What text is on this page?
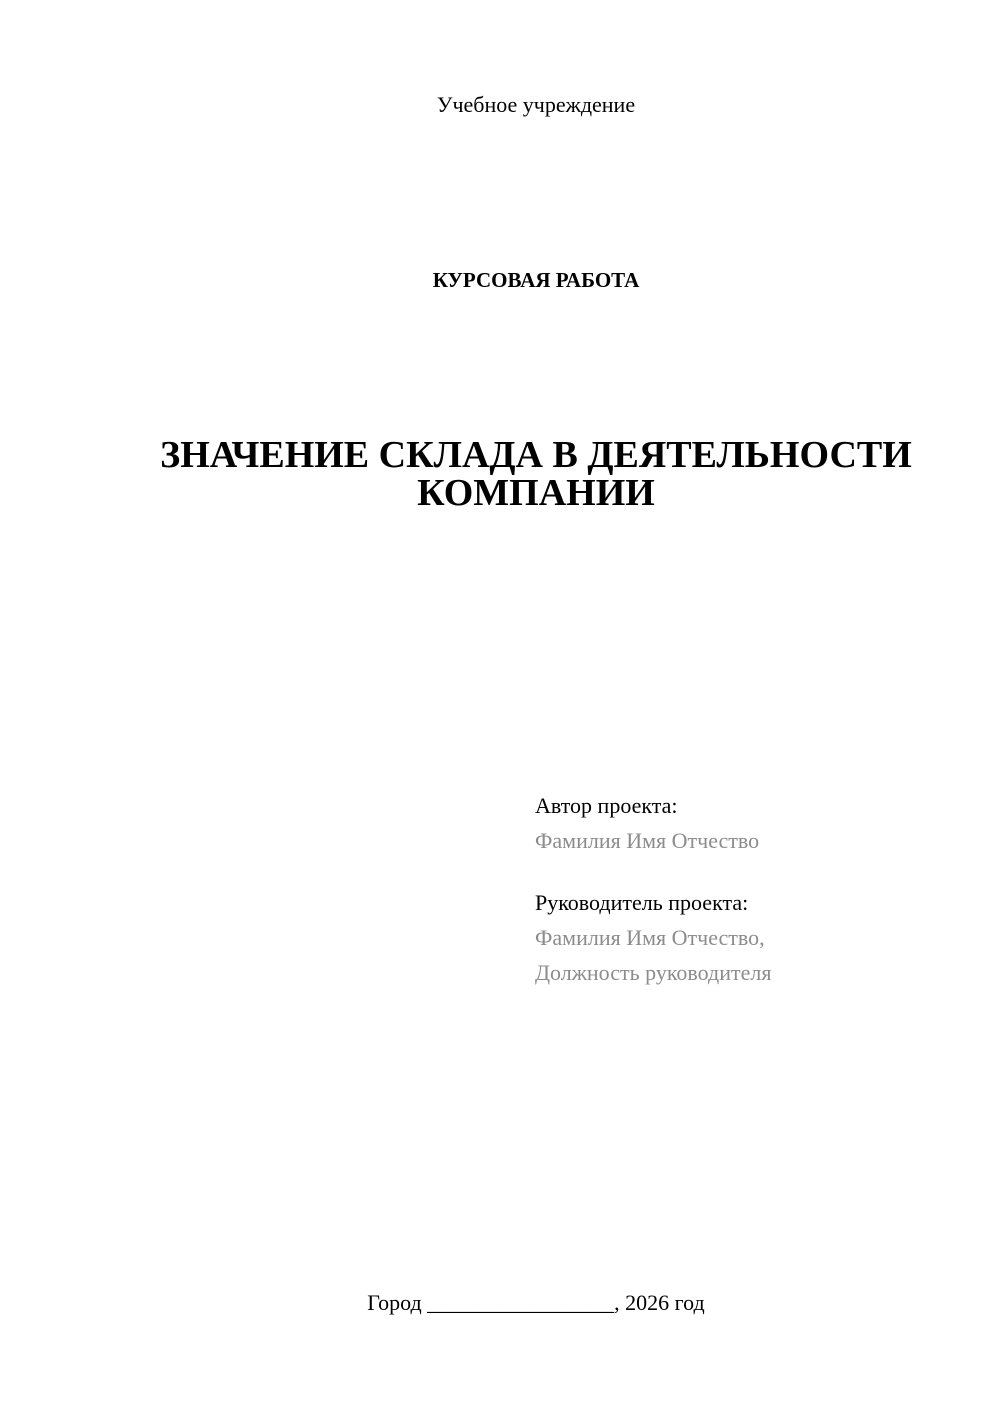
Учебное учреждение
КУРСОВАЯ РАБОТА
ЗНАЧЕНИЕ СКЛАДА В ДЕЯТЕЛЬНОСТИ
КОМПАНИИ
Автор проекта:
Фамилия Имя Отчество
Руководитель проекта:
Фамилия Имя Отчество,
Должность руководителя
Город _________________, 2026 год
